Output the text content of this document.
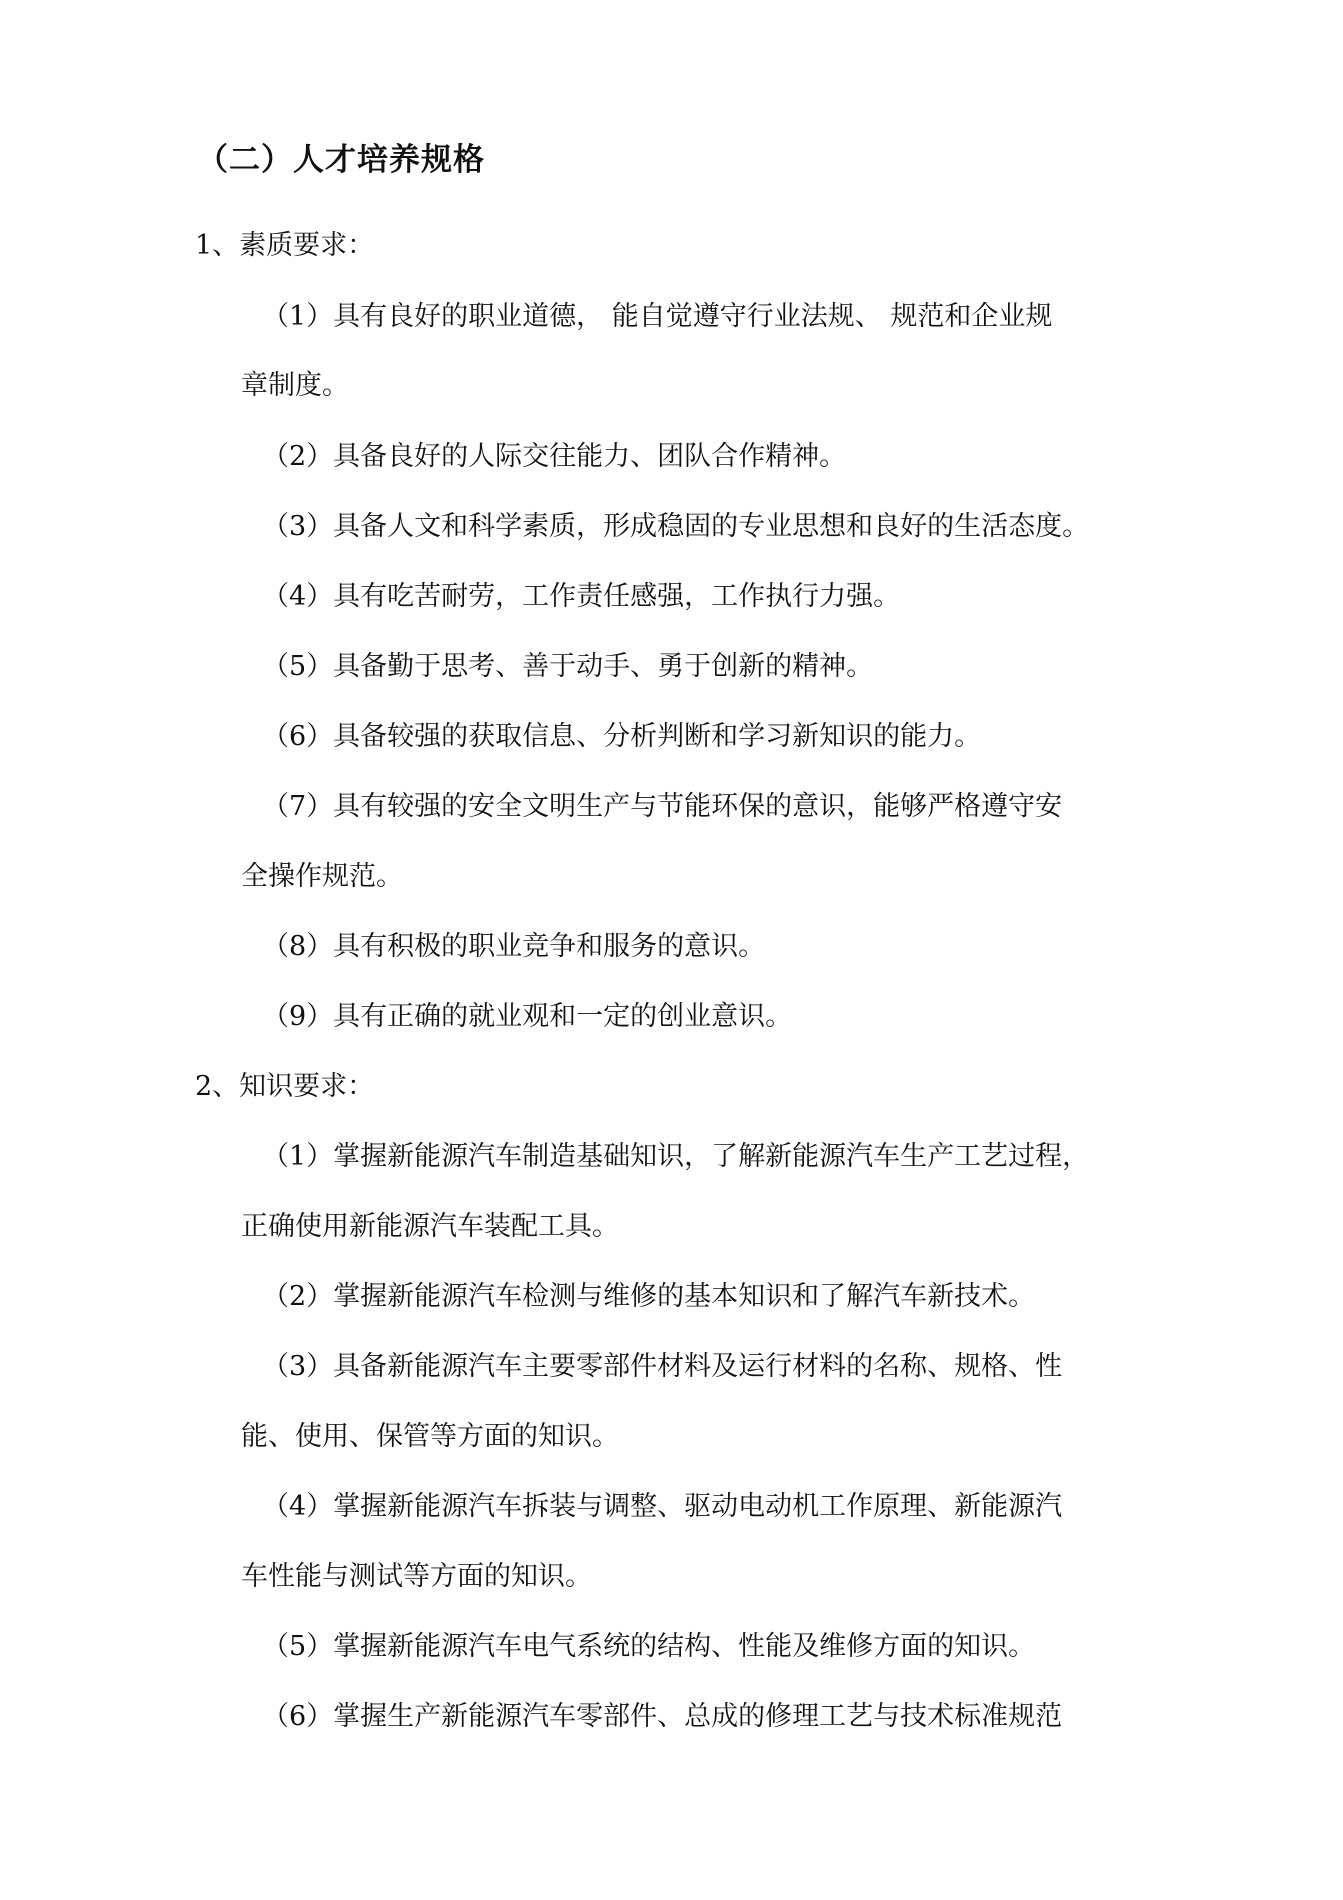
（二）人才培养规格
1、素质要求：
（1）具有良好的职业道德， 能自觉遵守行业法规、 规范和企业规
章制度。
（2）具备良好的人际交往能力、团队合作精神。
（3）具备人文和科学素质，形成稳固的专业思想和良好的生活态度。
（4）具有吃苦耐劳，工作责任感强，工作执行力强。
（5）具备勤于思考、善于动手、勇于创新的精神。
（6）具备较强的获取信息、分析判断和学习新知识的能力。
（7）具有较强的安全文明生产与节能环保的意识，能够严格遵守安
全操作规范。
（8）具有积极的职业竞争和服务的意识。
（9）具有正确的就业观和一定的创业意识。
2、知识要求：
（1）掌握新能源汽车制造基础知识，了解新能源汽车生产工艺过程，
正确使用新能源汽车装配工具。
（2）掌握新能源汽车检测与维修的基本知识和了解汽车新技术。
（3）具备新能源汽车主要零部件材料及运行材料的名称、规格、性
能、使用、保管等方面的知识。
（4）掌握新能源汽车拆装与调整、驱动电动机工作原理、新能源汽
车性能与测试等方面的知识。
（5）掌握新能源汽车电气系统的结构、性能及维修方面的知识。
（6）掌握生产新能源汽车零部件、总成的修理工艺与技术标准规范
